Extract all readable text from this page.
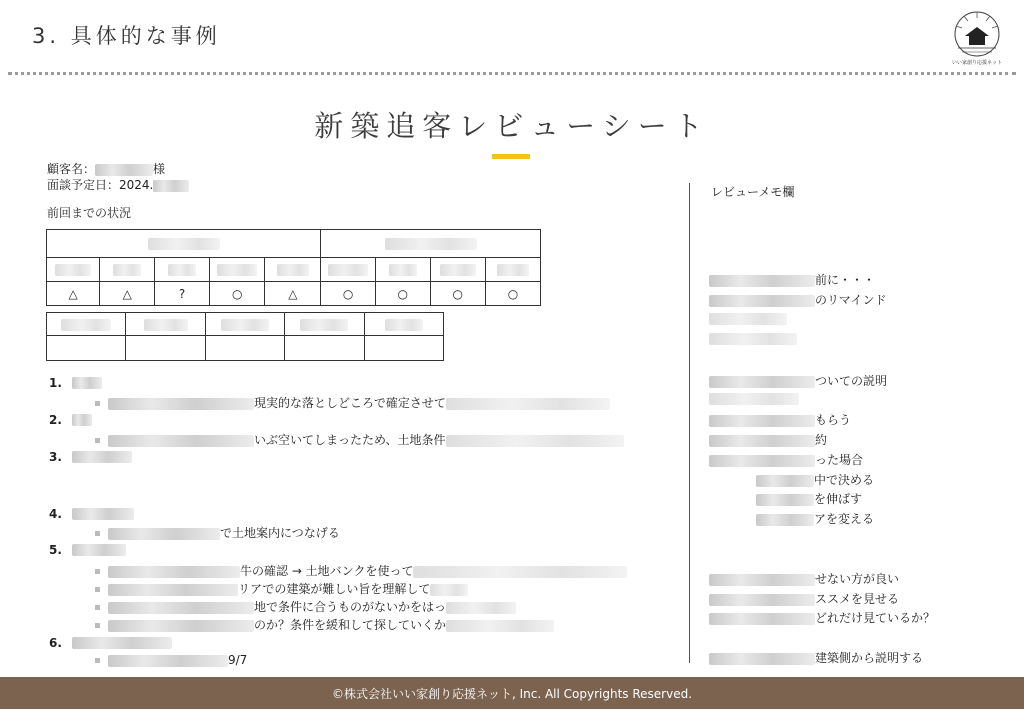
3. 具体的な事例
いい家創り応援ネット
新築追客レビューシート
顧客名：	様
面談予定日：2024.
前回までの状況

△	△	?	○	△	○	○	○	○

1.
現実的な落としどころで確定させて
2.
いぶ空いてしまったため、土地条件
3.
4.
で土地案内につなげる
5.
牛の確認 → 土地バンクを使って
リアでの建築が難しい旨を理解して
地で条件に合うものがないかをはっ
のか？条件を緩和して探していくか
6.
9/7
レビューメモ欄
前に・・・
のリマインド
ついての説明
もらう
約
った場合
中で決める
を伸ばす
アを変える
せない方が良い
ススメを見せる
どれだけ見ているか？
建築側から説明する
©株式会社いい家創り応援ネット, Inc. All Copyrights Reserved.
